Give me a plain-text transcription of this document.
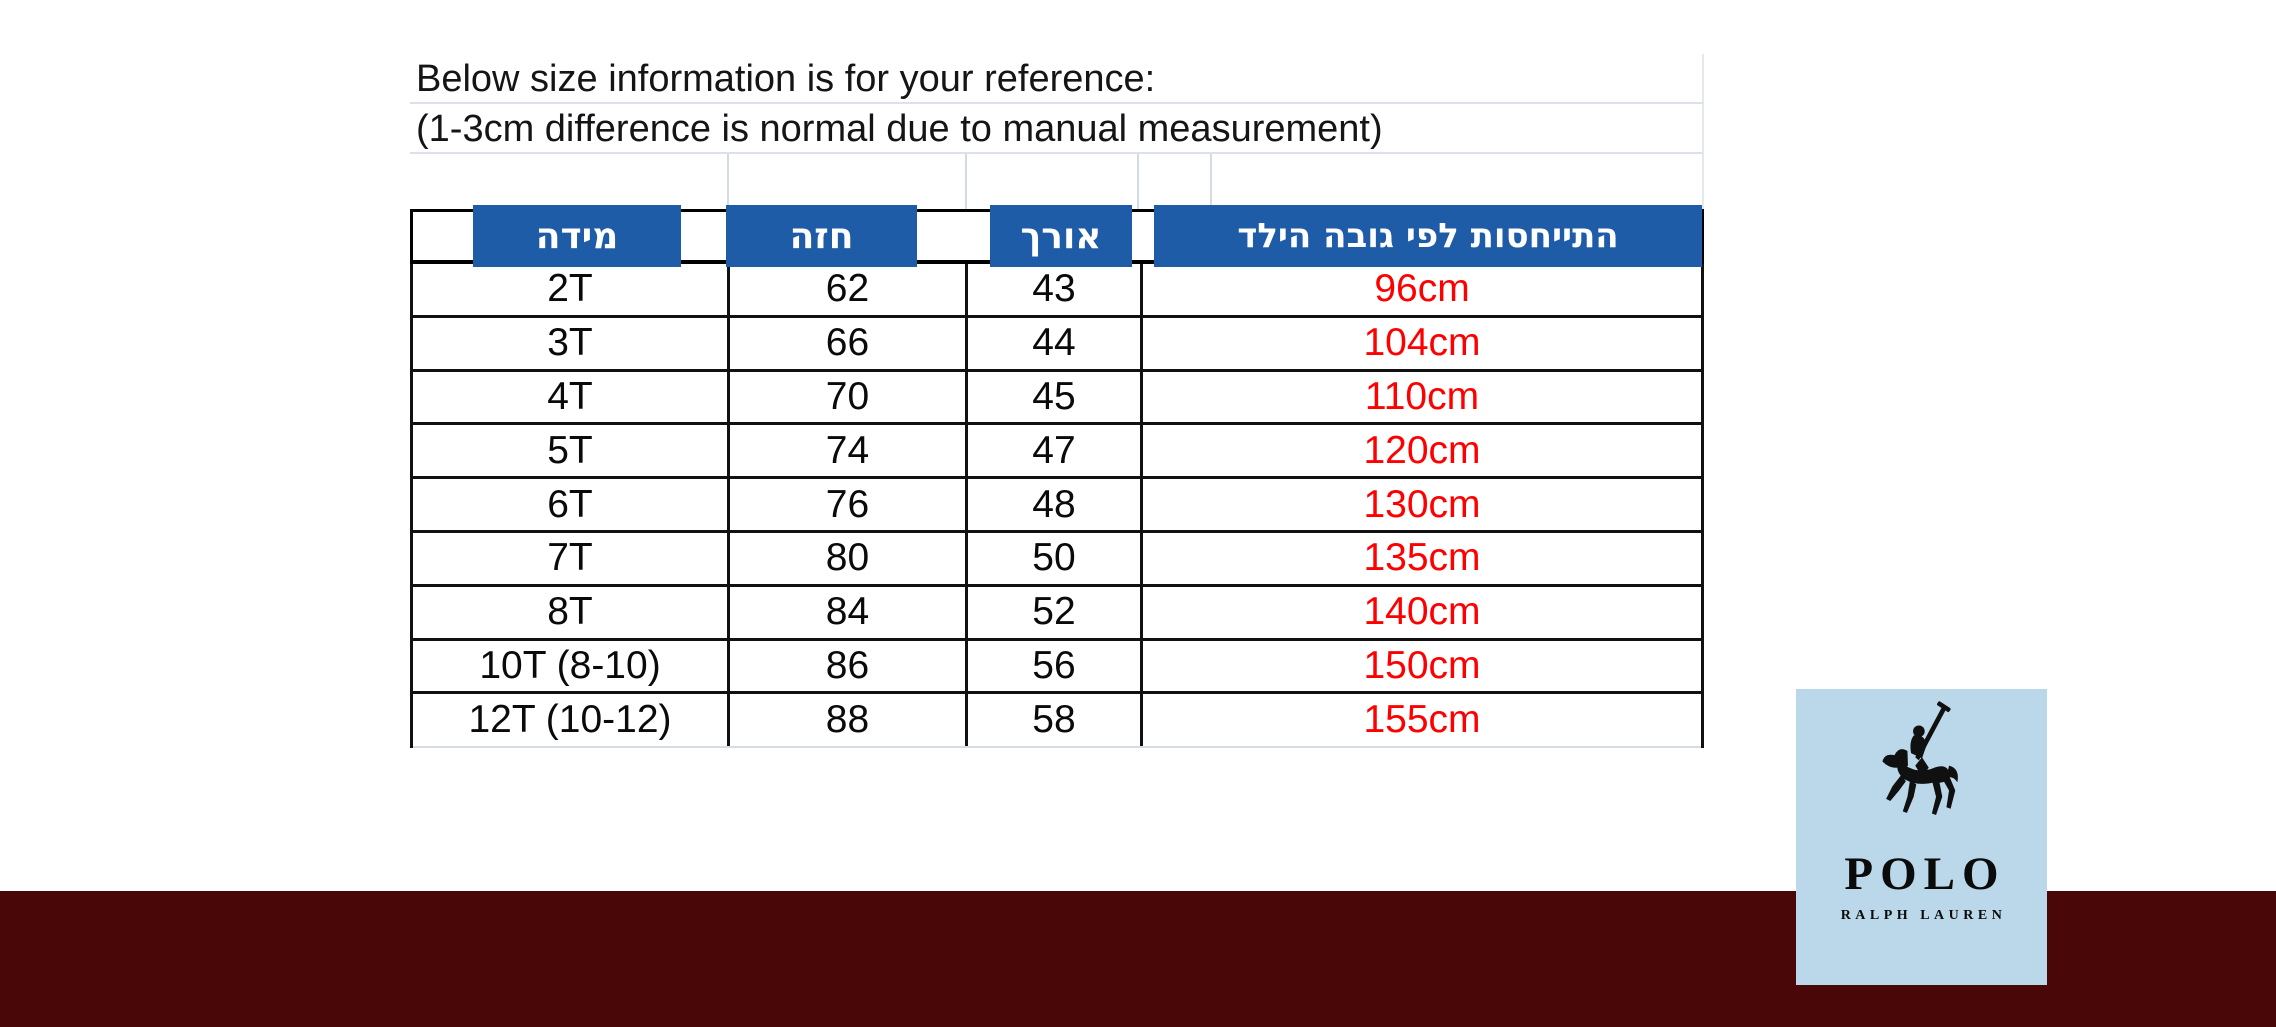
Below size information is for your reference:
(1-3cm difference is normal due to manual measurement)
מידה	חזה	אורך	התייחסות לפי גובה הילד
2T	62	43	96cm
3T	66	44	104cm
4T	70	45	110cm
5T	74	47	120cm
6T	76	48	130cm
7T	80	50	135cm
8T	84	52	140cm
10T (8-10)	86	56	150cm
12T (10-12)	88	58	155cm
POLO
RALPH LAUREN
